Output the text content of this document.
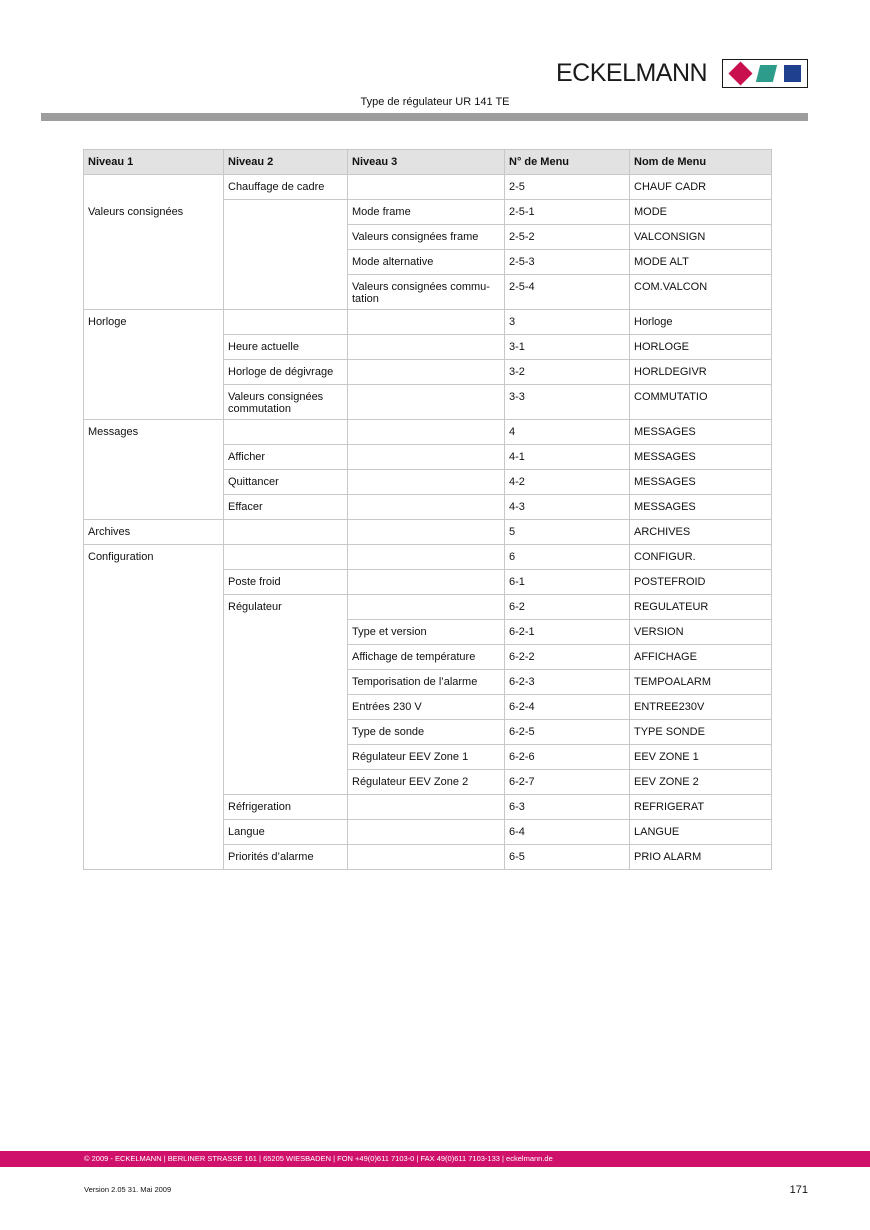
ECKELMANN
Type de régulateur UR 141 TE
Niveau 1	Niveau 2	Niveau 3	N° de Menu	Nom de Menu

Valeurs consignées	Chauffage de cadre		2-5	CHAUF CADR
		Mode frame	2-5-1	MODE
		Valeurs consignées frame	2-5-2	VALCONSIGN
		Mode alternative	2-5-3	MODE ALT
		Valeurs consignées commu-
tation	2-5-4	COM.VALCON
Horloge			3	Horloge
	Heure actuelle		3-1	HORLOGE
	Horloge de dégivrage		3-2	HORLDEGIVR
	Valeurs consignées
commutation		3-3	COMMUTATIO
Messages			4	MESSAGES
	Afficher		4-1	MESSAGES
	Quittancer		4-2	MESSAGES
	Effacer		4-3	MESSAGES
Archives			5	ARCHIVES
Configuration			6	CONFIGUR.
	Poste froid		6-1	POSTEFROID
	Régulateur		6-2	REGULATEUR
		Type et version	6-2-1	VERSION
		Affichage de température	6-2-2	AFFICHAGE
		Temporisation de l’alarme	6-2-3	TEMPOALARM
		Entrées 230 V	6-2-4	ENTREE230V
		Type de sonde	6-2-5	TYPE SONDE
		Régulateur EEV Zone 1	6-2-6	EEV ZONE 1
		Régulateur EEV Zone 2	6-2-7	EEV ZONE 2
	Réfrigeration		6-3	REFRIGERAT
	Langue		6-4	LANGUE
	Priorités d’alarme		6-5	PRIO ALARM
© 2009 - ECKELMANN | BERLINER STRASSE 161 | 65205 WIESBADEN | FON +49(0)611 7103-0 | FAX 49(0)611 7103-133 | eckelmann.de
Version 2.05 31. Mai 2009	171
